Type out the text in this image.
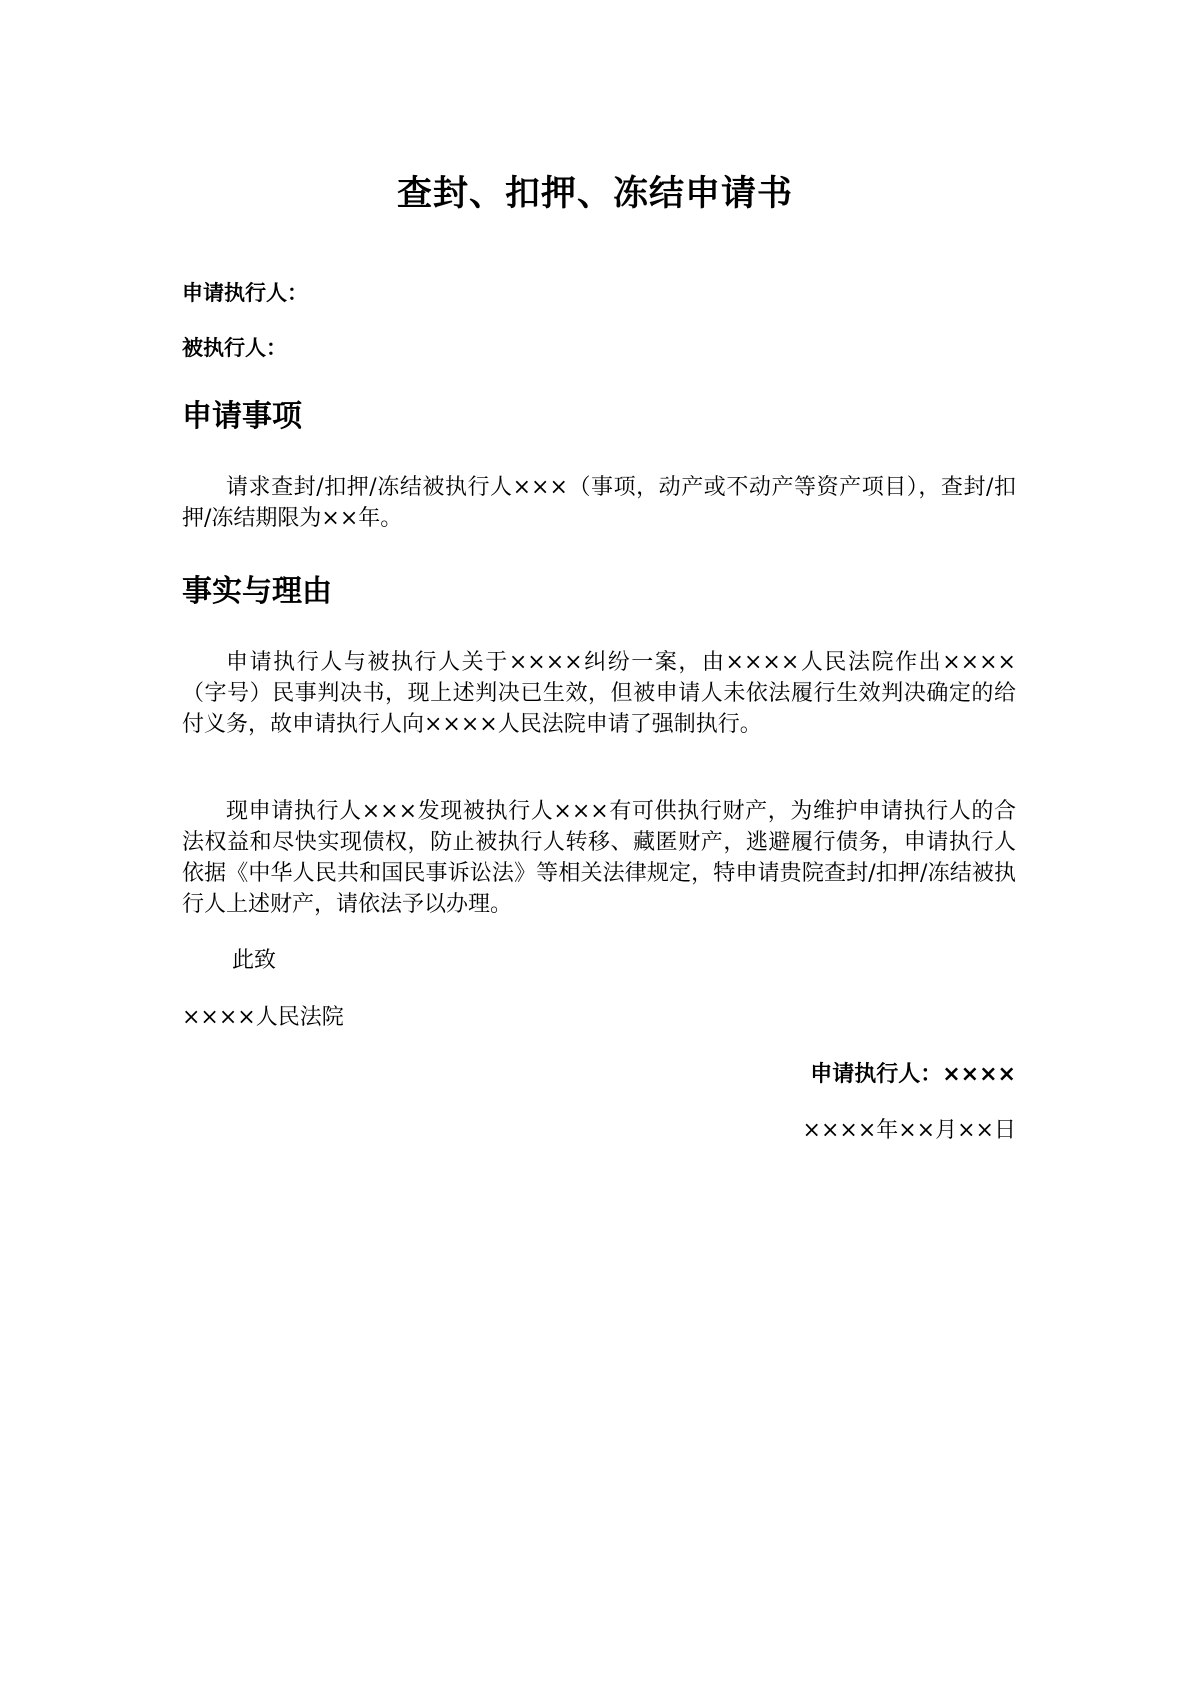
查封、扣押、冻结申请书
申请执行人：
被执行人：
申请事项

请求查封/扣押/冻结被执行人×××（事项，动产或不动产等资产项目），查封/扣押/冻结期限为××年。

事实与理由

申请执行人与被执行人关于××××纠纷一案，由××××人民法院作出××××（字号）民事判决书，现上述判决已生效，但被申请人未依法履行生效判决确定的给付义务，故申请执行人向××××人民法院申请了强制执行。

现申请执行人×××发现被执行人×××有可供执行财产，为维护申请执行人的合法权益和尽快实现债权，防止被执行人转移、藏匿财产，逃避履行债务，申请执行人依据《中华人民共和国民事诉讼法》等相关法律规定，特申请贵院查封/扣押/冻结被执行人上述财产，请依法予以办理。

此致
××××人民法院
申请执行人：××××
××××年××月××日
